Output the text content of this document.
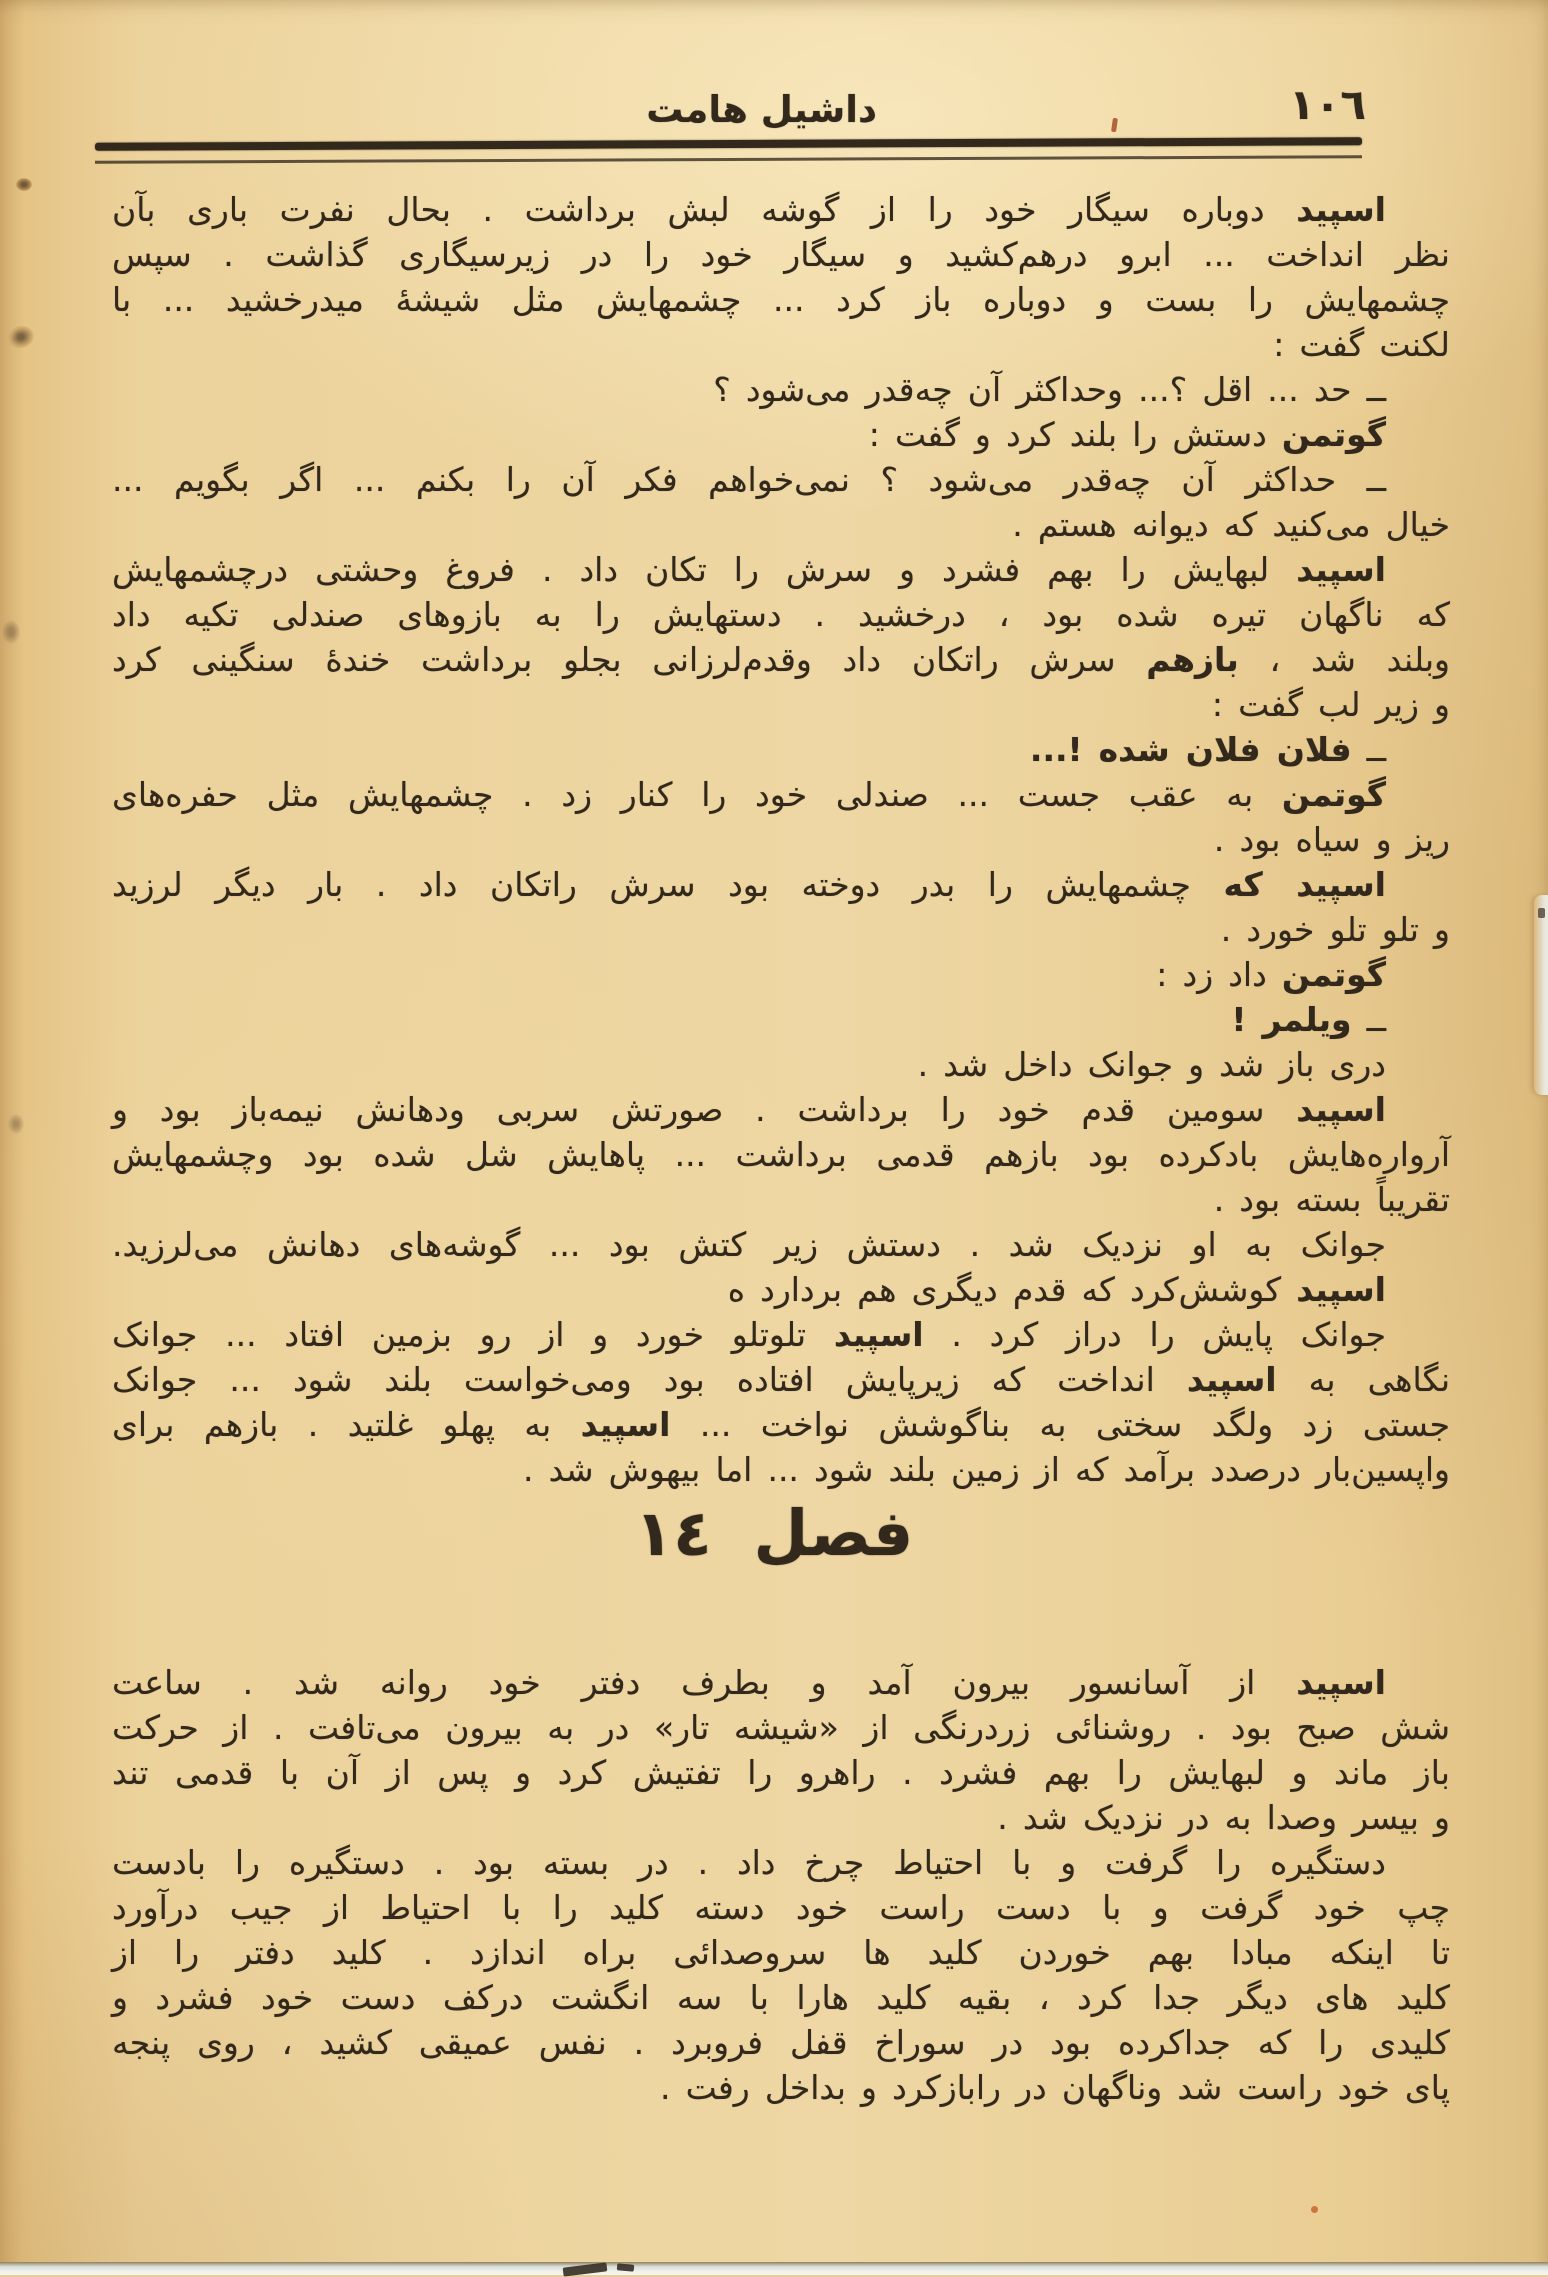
١٠٦
داشیل هامت
اسپید دوباره سیگار خود را از گوشه لبش برداشت . بحال نفرت باری بآن
نظر انداخت ... ابرو درهم‌کشید و سیگار خود را در زیرسیگاری گذاشت . سپس
چشمهایش را بست و دوباره باز کرد ... چشمهایش مثل شیشهٔ میدرخشید ... با
لکنت گفت :
ــ حد ... اقل ؟... وحداکثر آن چه‌قدر می‌شود ؟
گوتمن دستش را بلند کرد و گفت :
ــ حداکثر آن چه‌قدر می‌شود ؟ نمی‌خواهم فکر آن را بکنم ... اگر بگویم ...
خیال می‌کنید که دیوانه هستم .
اسپید لبهایش را بهم فشرد و سرش را تکان داد . فروغ وحشتی درچشمهایش
که ناگهان تیره شده بود ، درخشید . دستهایش را به بازوهای صندلی تکیه داد
وبلند شد ، بازهم سرش راتکان داد وقدم‌لرزانی بجلو برداشت خندهٔ سنگینی کرد
و زیر لب گفت :
ــ فلان فلان شده !...
گوتمن به عقب جست ... صندلی خود را کنار زد . چشمهایش مثل حفره‌های
ریز و سیاه بود .
اسپید که چشمهایش را بدر دوخته بود سرش راتکان داد . بار دیگر لرزید
و تلو تلو خورد .
گوتمن داد زد :
ــ ویلمر !
دری باز شد و جوانک داخل شد .
اسپید سومین قدم خود را برداشت . صورتش سربی ودهانش نیمه‌باز بود و
آرواره‌هایش بادکرده بود بازهم قدمی برداشت ... پاهایش شل شده بود وچشمهایش
تقریباً بسته بود .
جوانک به او نزدیک شد . دستش زیر کتش بود ... گوشه‌های دهانش می‌لرزید.
اسپید کوشش‌کرد که قدم دیگری هم بردارد ه
جوانک پایش را دراز کرد . اسپید تلوتلو خورد و از رو بزمین افتاد ... جوانک
نگاهی به اسپید انداخت که زیرپایش افتاده بود ومی‌خواست بلند شود ... جوانک
جستی زد ولگد سختی به بناگوشش نواخت ... اسپید به پهلو غلتید . بازهم برای
واپسین‌بار درصدد برآمد که از زمین بلند شود ... اما بیهوش شد .
فصل ١٤
اسپید از آسانسور بیرون آمد و بطرف دفتر خود روانه شد . ساعت
شش صبح بود . روشنائی زردرنگی از «شیشه تار» در به بیرون می‌تافت . از حرکت
باز ماند و لبهایش را بهم فشرد . راهرو را تفتیش کرد و پس از آن با قدمی تند
و بیسر وصدا به در نزدیک شد .
دستگیره را گرفت و با احتیاط چرخ داد . در بسته بود . دستگیره را بادست
چپ خود گرفت و با دست راست خود دسته کلید را با احتیاط از جیب درآورد
تا اینکه مبادا بهم خوردن کلید ها سروصدائی براه اندازد . کلید دفتر را از
کلید های دیگر جدا کرد ، بقیه کلید هارا با سه انگشت درکف دست خود فشرد و
کلیدی را که جداکرده بود در سوراخ قفل فروبرد . نفس عمیقی کشید ، روی پنجه
پای خود راست شد وناگهان در رابازکرد و بداخل رفت .
